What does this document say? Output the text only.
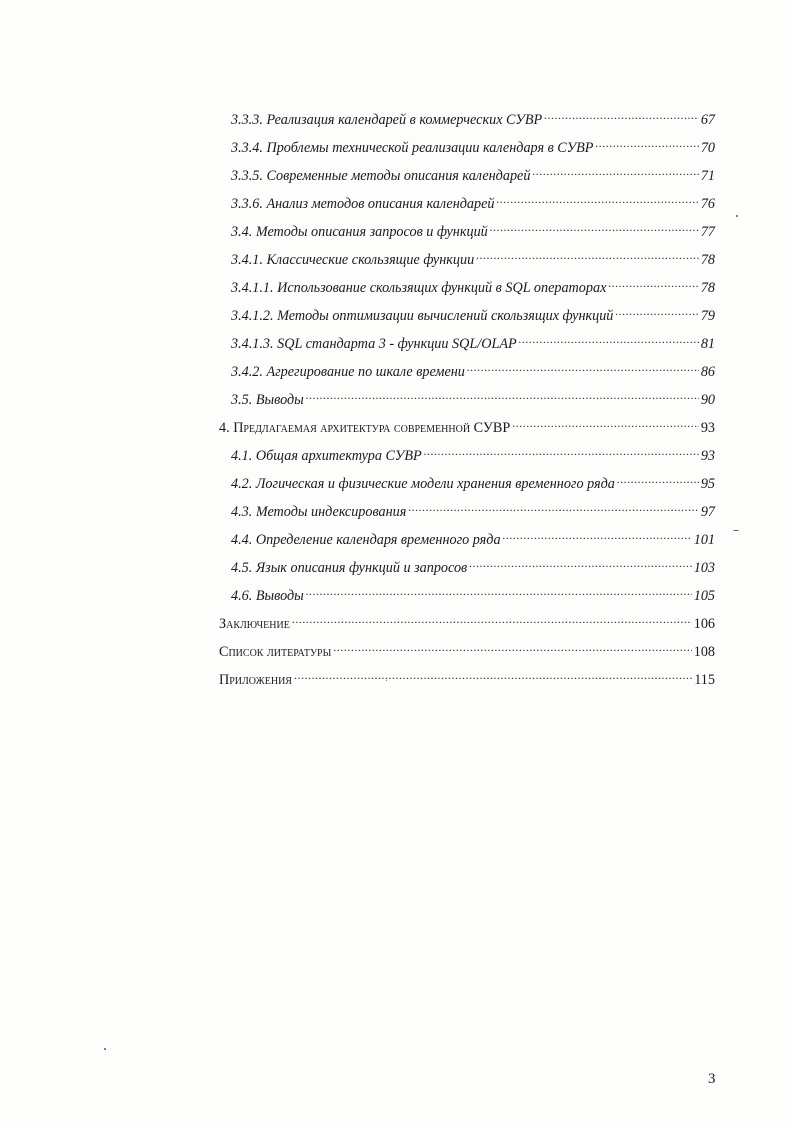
3.3.3. Реализация календарей в коммерческих СУВР .....	67
3.3.4. Проблемы технической реализации календаря в СУВР .....	70
3.3.5. Современные методы описания календарей .....	71
3.3.6. Анализ методов описания календарей .....	76
3.4. Методы описания запросов и функций .....	77
3.4.1. Классические скользящие функции .....	78
3.4.1.1. Использование скользящих функций в SQL операторах .....	78
3.4.1.2. Методы оптимизации вычислений скользящих функций .....	79
3.4.1.3. SQL стандарта 3 - функции SQL/OLAP .....	81
3.4.2. Агрегирование по шкале времени .....	86
3.5. Выводы .....	90
4. Предлагаемая архитектура современной СУВР .....	93
4.1. Общая архитектура СУВР .....	93
4.2. Логическая и физические модели хранения временного ряда .....	95
4.3. Методы индексирования .....	97
4.4. Определение календаря временного ряда .....	101
4.5. Язык описания функций и запросов .....	103
4.6. Выводы .....	105
Заключение .....	106
Список литературы .....	108
Приложения .....	115
3
